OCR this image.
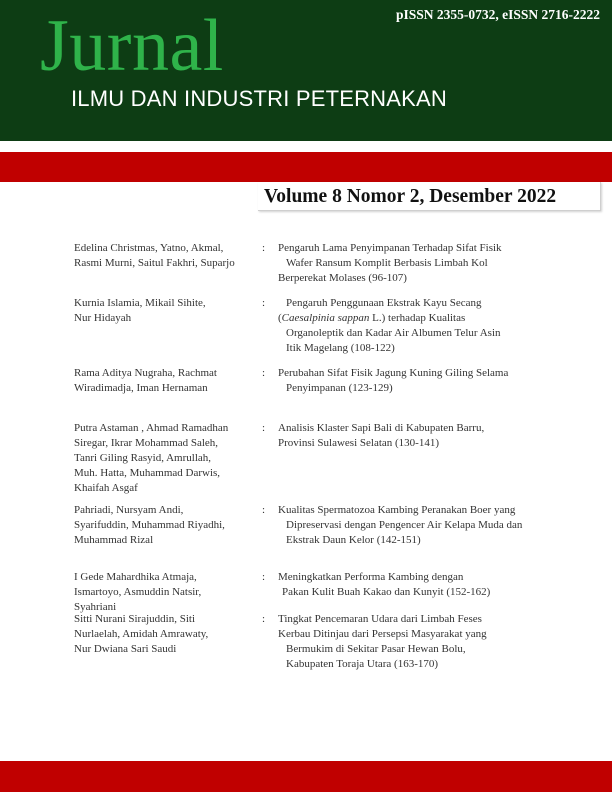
pISSN 2355-0732, eISSN 2716-2222
Jurnal
ILMU DAN INDUSTRI PETERNAKAN
Volume 8 Nomor 2, Desember 2022
Edelina Christmas, Yatno, Akmal,
Rasmi Murni, Saitul Fakhri, Suparjo
: Pengaruh Lama Penyimpanan Terhadap Sifat Fisik
Wafer Ransum Komplit Berbasis Limbah Kol
Berperekat Molases (96-107)
Kurnia Islamia, Mikail Sihite,
Nur Hidayah
:	Pengaruh Penggunaan Ekstrak Kayu Secang
(Caesalpinia sappan L.) terhadap Kualitas
Organoleptik dan Kadar Air Albumen Telur Asin
Itik Magelang (108-122)
Rama Aditya Nugraha, Rachmat
Wiradimadja, Iman Hernaman
: Perubahan Sifat Fisik Jagung Kuning Giling Selama
Penyimpanan (123-129)
Putra Astaman , Ahmad Ramadhan
Siregar, Ikrar Mohammad Saleh,
Tanri Giling Rasyid, Amrullah,
Muh. Hatta, Muhammad Darwis,
Khaifah Asgaf
: Analisis Klaster Sapi Bali di Kabupaten Barru,
Provinsi Sulawesi Selatan (130-141)
Pahriadi, Nursyam Andi,
Syarifuddin, Muhammad Riyadhi,
Muhammad Rizal
: Kualitas Spermatozoa Kambing Peranakan Boer yang
Dipreservasi dengan Pengencer Air Kelapa Muda dan
Ekstrak Daun Kelor (142-151)
I Gede Mahardhika Atmaja,
Ismartoyo, Asmuddin Natsir,
Syahriani
: Meningkatkan Performa Kambing dengan
Pakan Kulit Buah Kakao dan Kunyit (152-162)
Sitti Nurani Sirajuddin, Siti
Nurlaelah, Amidah Amrawaty,
Nur Dwiana Sari Saudi
: Tingkat Pencemaran Udara dari Limbah Feses
Kerbau Ditinjau dari Persepsi Masyarakat yang
Bermukim di Sekitar Pasar Hewan Bolu,
Kabupaten Toraja Utara (163-170)
